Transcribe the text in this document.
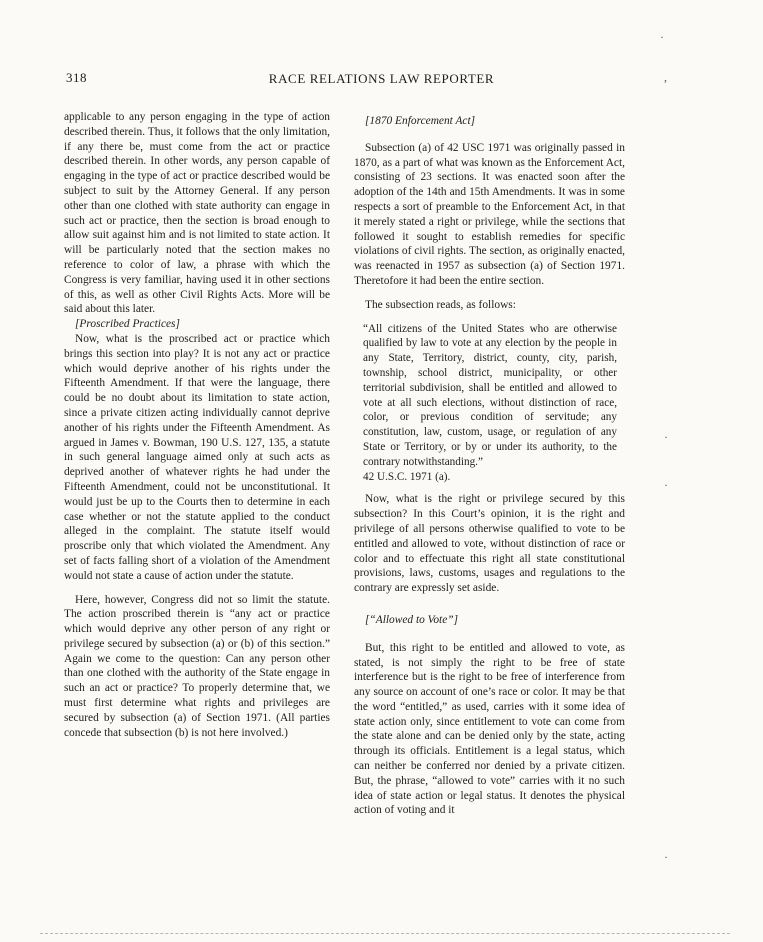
318	RACE RELATIONS LAW REPORTER

applicable to any person engaging in the type of action described therein. Thus, it follows that the only limitation, if any there be, must come from the act or practice described therein. In other words, any person capable of engaging in the type of act or practice described would be subject to suit by the Attorney General. If any person other than one clothed with state authority can engage in such act or practice, then the section is broad enough to allow suit against him and is not limited to state action. It will be particularly noted that the section makes no reference to color of law, a phrase with which the Congress is very familiar, having used it in other sections of this, as well as other Civil Rights Acts. More will be said about this later.

[Proscribed Practices]

Now, what is the proscribed act or practice which brings this section into play? It is not any act or practice which would deprive another of his rights under the Fifteenth Amendment. If that were the language, there could be no doubt about its limitation to state action, since a private citizen acting individually cannot deprive another of his rights under the Fifteenth Amendment. As argued in James v. Bowman, 190 U.S. 127, 135, a statute in such general language aimed only at such acts as deprived another of whatever rights he had under the Fifteenth Amendment, could not be unconstitutional. It would just be up to the Courts then to determine in each case whether or not the statute applied to the conduct alleged in the complaint. The statute itself would proscribe only that which violated the Amendment. Any set of facts falling short of a violation of the Amendment would not state a cause of action under the statute.

Here, however, Congress did not so limit the statute. The action proscribed therein is “any act or practice which would deprive any other person of any right or privilege secured by subsection (a) or (b) of this section.” Again we come to the question: Can any person other than one clothed with the authority of the State engage in such an act or practice? To properly determine that, we must first determine what rights and privileges are secured by subsection (a) of Section 1971. (All parties concede that subsection (b) is not here involved.)

[1870 Enforcement Act]

Subsection (a) of 42 USC 1971 was originally passed in 1870, as a part of what was known as the Enforcement Act, consisting of 23 sections. It was enacted soon after the adoption of the 14th and 15th Amendments. It was in some respects a sort of preamble to the Enforcement Act, in that it merely stated a right or privilege, while the sections that followed it sought to establish remedies for specific violations of civil rights. The section, as originally enacted, was reenacted in 1957 as subsection (a) of Section 1971. Theretofore it had been the entire section.

The subsection reads, as follows:

“All citizens of the United States who are otherwise qualified by law to vote at any election by the people in any State, Territory, district, county, city, parish, township, school district, municipality, or other territorial subdivision, shall be entitled and allowed to vote at all such elections, without distinction of race, color, or previous condition of servitude; any constitution, law, custom, usage, or regulation of any State or Territory, or by or under its authority, to the contrary notwithstanding.”
42 U.S.C. 1971 (a).

Now, what is the right or privilege secured by this subsection? In this Court’s opinion, it is the right and privilege of all persons otherwise qualified to vote to be entitled and allowed to vote, without distinction of race or color and to effectuate this right all state constitutional provisions, laws, customs, usages and regulations to the contrary are expressly set aside.

[“Allowed to Vote”]

But, this right to be entitled and allowed to vote, as stated, is not simply the right to be free of state interference but is the right to be free of interference from any source on account of one’s race or color. It may be that the word “entitled,” as used, carries with it some idea of state action only, since entitlement to vote can come from the state alone and can be denied only by the state, acting through its officials. Entitlement is a legal status, which can neither be conferred nor denied by a private citizen. But, the phrase, “allowed to vote” carries with it no such idea of state action or legal status. It denotes the physical action of voting and it

·
,
·
·
·
